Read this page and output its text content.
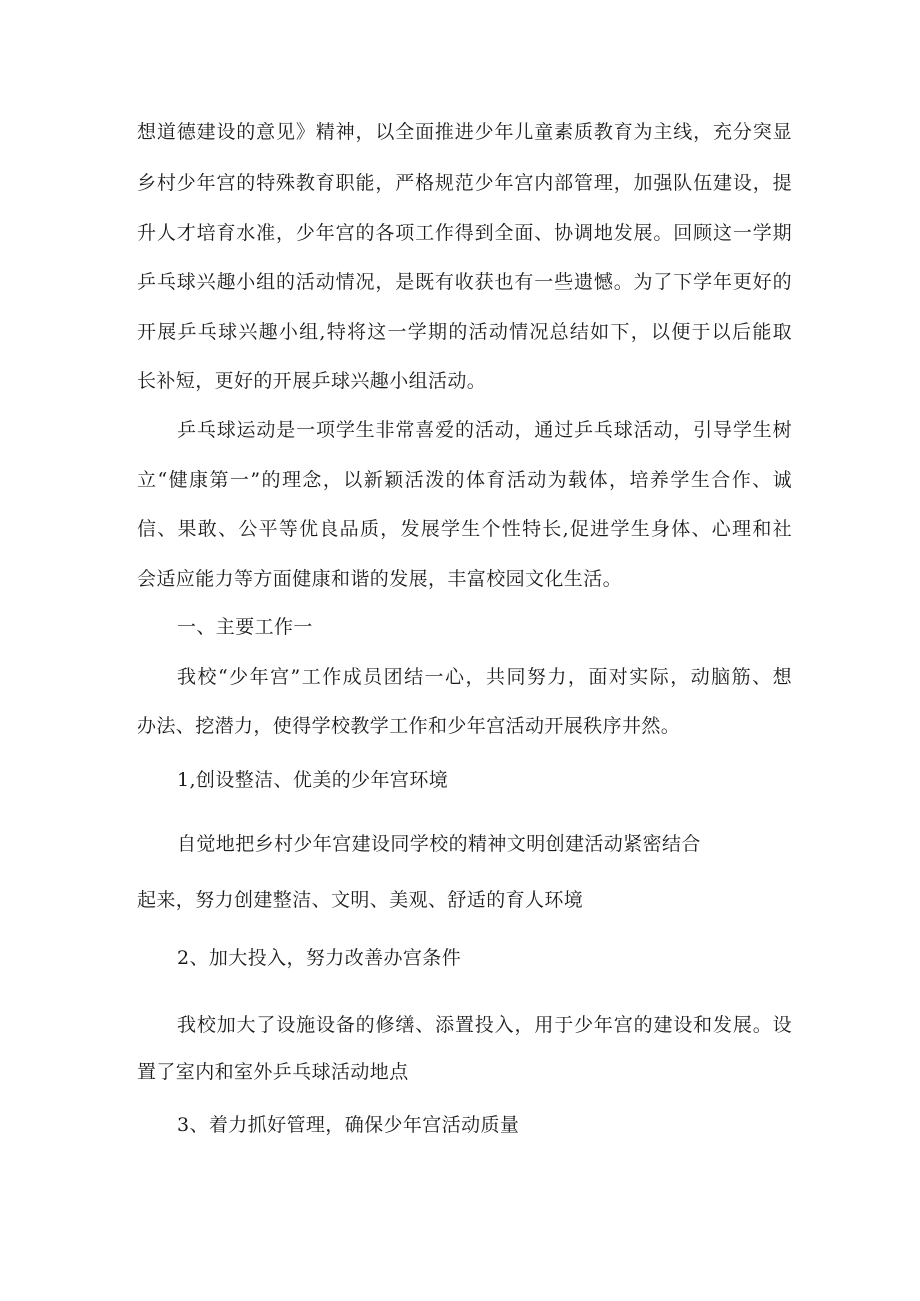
想道德建设的意见》精神，以全面推进少年儿童素质教育为主线，充分突显
乡村少年宫的特殊教育职能，严格规范少年宫内部管理，加强队伍建设，提
升人才培育水准，少年宫的各项工作得到全面、协调地发展。回顾这一学期
乒乓球兴趣小组的活动情况，是既有收获也有一些遗憾。为了下学年更好的
开展乒乓球兴趣小组,特将这一学期的活动情况总结如下，以便于以后能取
长补短，更好的开展乒球兴趣小组活动。
乒乓球运动是一项学生非常喜爱的活动，通过乒乓球活动，引导学生树
立“健康第一”的理念，以新颖活泼的体育活动为载体，培养学生合作、诚
信、果敢、公平等优良品质，发展学生个性特长,促进学生身体、心理和社
会适应能力等方面健康和谐的发展，丰富校园文化生活。
一、主要工作一
我校“少年宫”工作成员团结一心，共同努力，面对实际，动脑筋、想
办法、挖潜力，使得学校教学工作和少年宫活动开展秩序井然。
1,创设整洁、优美的少年宫环境
自觉地把乡村少年宫建设同学校的精神文明创建活动紧密结合
起来，努力创建整洁、文明、美观、舒适的育人环境
2、加大投入，努力改善办宫条件
我校加大了设施设备的修缮、添置投入，用于少年宫的建设和发展。设
置了室内和室外乒乓球活动地点
3、着力抓好管理，确保少年宫活动质量
